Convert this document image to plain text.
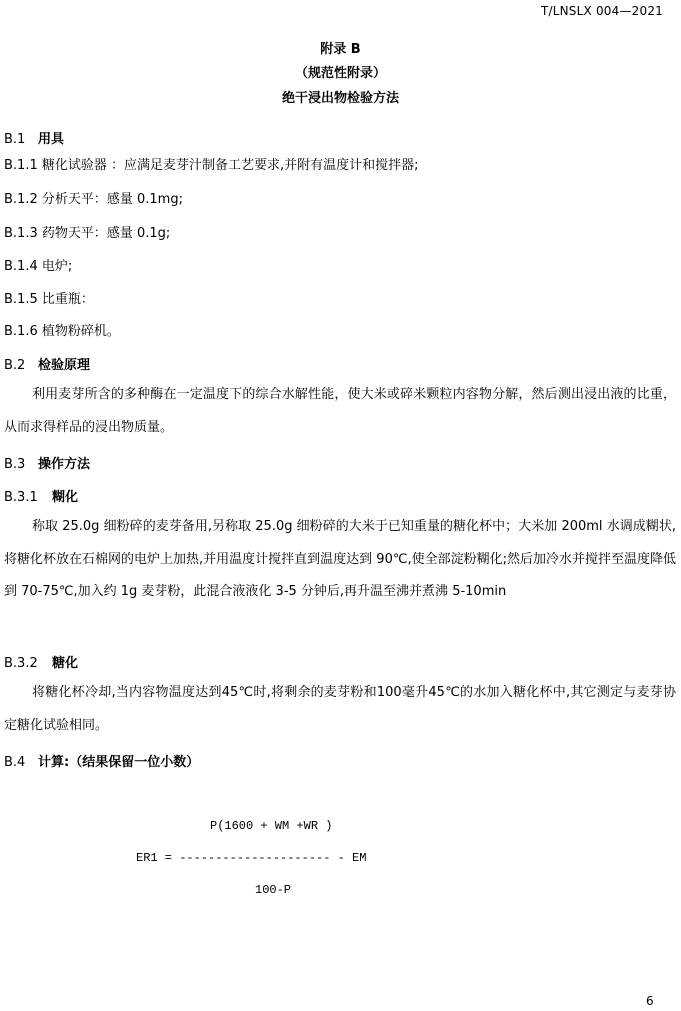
T/LNSLX 004—2021
附录 B
（规范性附录）
绝干浸出物检验方法
B.1 用具
B.1.1 糖化试验器 ：应满足麦芽汁制备工艺要求,并附有温度计和搅拌器;
B.1.2 分析天平：感量 0.1mg;
B.1.3 药物天平：感量 0.1g;
B.1.4 电炉;
B.1.5 比重瓶：
B.1.6 植物粉碎机。
B.2 检验原理

利用麦芽所含的多种酶在一定温度下的综合水解性能，使大米或碎米颗粒内容物分解，然后测出浸出液的比重，从而求得样品的浸出物质量。

B.3 操作方法
B.3.1 糊化

称取 25.0g 细粉碎的麦芽备用,另称取 25.0g 细粉碎的大米于已知重量的糖化杯中；大米加 200ml 水调成糊状,将糖化杯放在石棉网的电炉上加热,并用温度计搅拌直到温度达到 90℃,使全部淀粉糊化;然后加冷水并搅拌至温度降低到 70-75℃,加入约 1g 麦芽粉，此混合液液化 3-5 分钟后,再升温至沸并煮沸 5-10min

B.3.2 糖化

将糖化杯冷却,当内容物温度达到45℃时,将剩余的麦芽粉和100毫升45℃的水加入糖化杯中,其它测定与麦芽协定糖化试验相同。

B.4 计算:（结果保留一位小数）
P(1600 + WM +WR )
ER1 = --------------------- - EM
100-P
6
